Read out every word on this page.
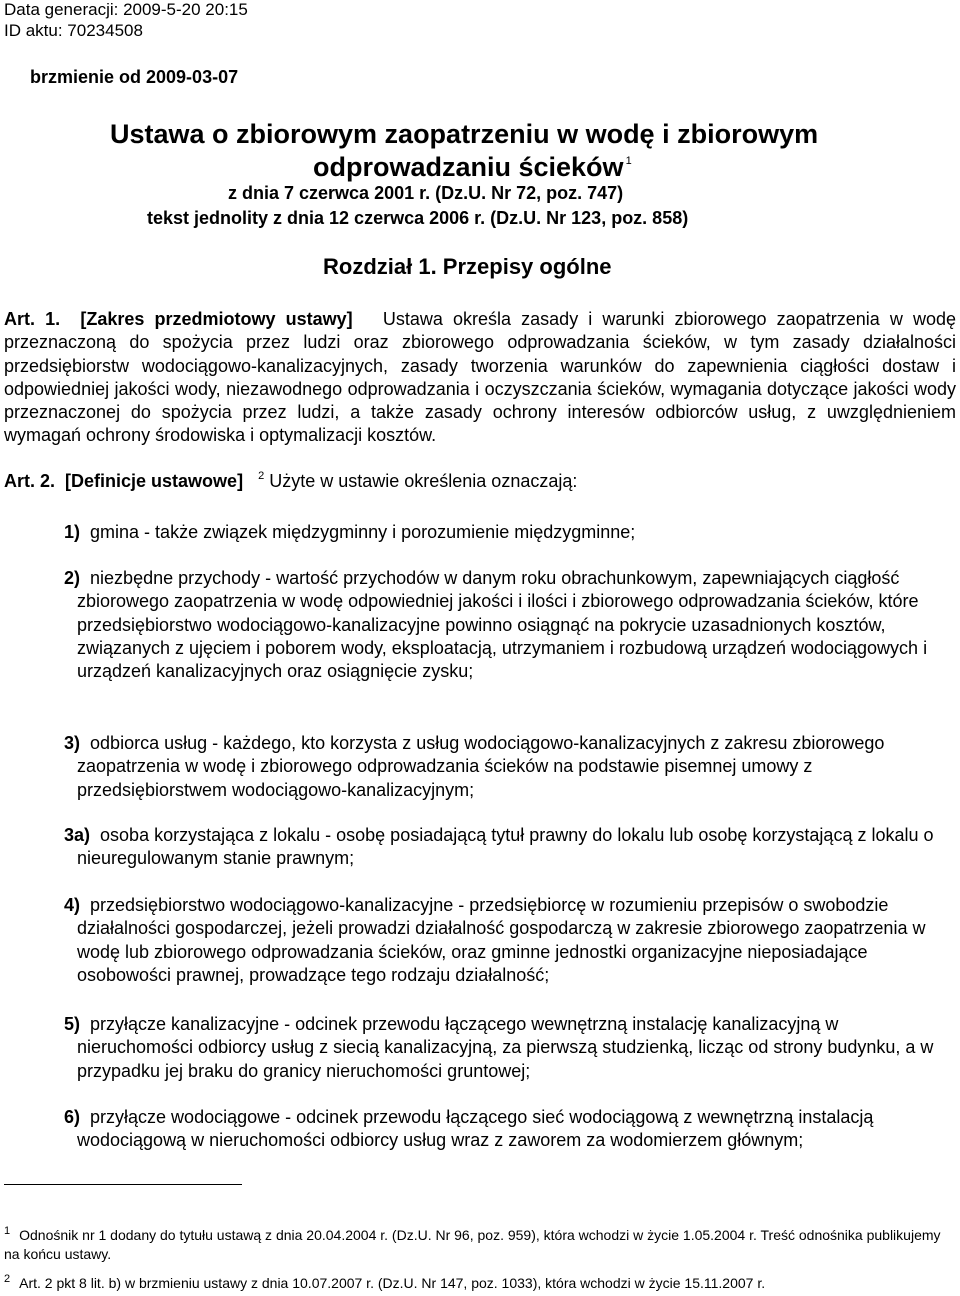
Data generacji: 2009-5-20 20:15
ID aktu: 70234508
brzmienie od 2009-03-07
Ustawa o zbiorowym zaopatrzeniu w wodę i zbiorowym
odprowadzaniu ścieków $^1$
z dnia 7 czerwca 2001 r. (Dz.U. Nr 72, poz. 747)
tekst jednolity z dnia 12 czerwca 2006 r. (Dz.U. Nr 123, poz. 858)
Rozdział 1. Przepisy ogólne
Art. 1. [Zakres przedmiotowy ustawy] Ustawa określa zasady i warunki zbiorowego zaopatrzenia w wodę przeznaczoną do spożycia przez ludzi oraz zbiorowego odprowadzania ścieków, w tym zasady działalności przedsiębiorstw wodociągowo-kanalizacyjnych, zasady tworzenia warunków do zapewnienia ciągłości dostaw i odpowiedniej jakości wody, niezawodnego odprowadzania i oczyszczania ścieków, wymagania dotyczące jakości wody przeznaczonej do spożycia przez ludzi, a także zasady ochrony interesów odbiorców usług, z uwzględnieniem wymagań ochrony środowiska i optymalizacji kosztów.
Art. 2. [Definicje ustawowe] $^2$ Użyte w ustawie określenia oznaczają:
1) gmina - także związek międzygminny i porozumienie międzygminne;
2) niezbędne przychody - wartość przychodów w danym roku obrachunkowym, zapewniających ciągłość zbiorowego zaopatrzenia w wodę odpowiedniej jakości i ilości i zbiorowego odprowadzania ścieków, które przedsiębiorstwo wodociągowo-kanalizacyjne powinno osiągnąć na pokrycie uzasadnionych kosztów, związanych z ujęciem i poborem wody, eksploatacją, utrzymaniem i rozbudową urządzeń wodociągowych i urządzeń kanalizacyjnych oraz osiągnięcie zysku;
3) odbiorca usług - każdego, kto korzysta z usług wodociągowo-kanalizacyjnych z zakresu zbiorowego zaopatrzenia w wodę i zbiorowego odprowadzania ścieków na podstawie pisemnej umowy z przedsiębiorstwem wodociągowo-kanalizacyjnym;
3a) osoba korzystająca z lokalu - osobę posiadającą tytuł prawny do lokalu lub osobę korzystającą z lokalu o nieuregulowanym stanie prawnym;
4) przedsiębiorstwo wodociągowo-kanalizacyjne - przedsiębiorcę w rozumieniu przepisów o swobodzie działalności gospodarczej, jeżeli prowadzi działalność gospodarczą w zakresie zbiorowego zaopatrzenia w wodę lub zbiorowego odprowadzania ścieków, oraz gminne jednostki organizacyjne nieposiadające osobowości prawnej, prowadzące tego rodzaju działalność;
5) przyłącze kanalizacyjne - odcinek przewodu łączącego wewnętrzną instalację kanalizacyjną w nieruchomości odbiorcy usług z siecią kanalizacyjną, za pierwszą studzienką, licząc od strony budynku, a w przypadku jej braku do granicy nieruchomości gruntowej;
6) przyłącze wodociągowe - odcinek przewodu łączącego sieć wodociągową z wewnętrzną instalacją wodociągową w nieruchomości odbiorcy usług wraz z zaworem za wodomierzem głównym;
$^1$ Odnośnik nr 1 dodany do tytułu ustawą z dnia 20.04.2004 r. (Dz.U. Nr 96, poz. 959), która wchodzi w życie 1.05.2004 r. Treść odnośnika publikujemy na końcu ustawy.
$^2$ Art. 2 pkt 8 lit. b) w brzmieniu ustawy z dnia 10.07.2007 r. (Dz.U. Nr 147, poz. 1033), która wchodzi w życie 15.11.2007 r.
